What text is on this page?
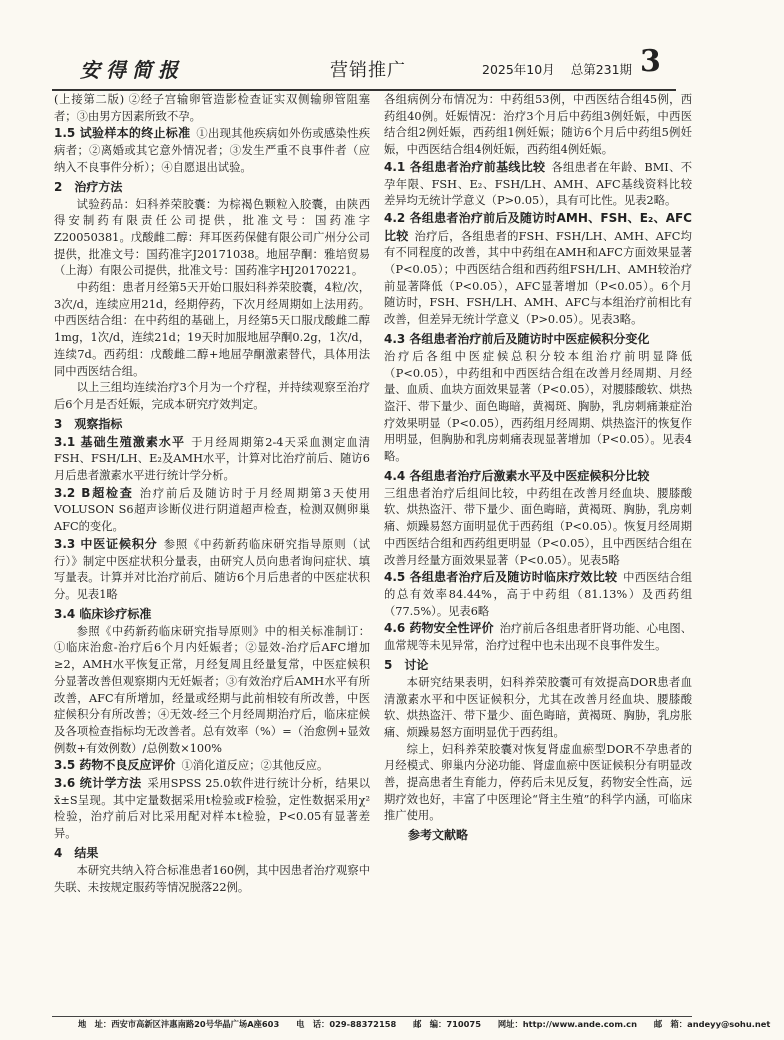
安得简报	营销推广	2025年10月 总第231期 3

(上接第二版) ②经子宫输卵管造影检查证实双侧输卵管阻塞者；③由男方因素所致不孕。

1.5 试验样本的终止标准 ①出现其他疾病如外伤或感染性疾病者；②离婚或其它意外情况者；③发生严重不良事件者（应纳入不良事件分析）；④自愿退出试验。

2　治疗方法

试验药品：妇科养荣胶囊：为棕褐色颗粒入胶囊，由陕西得安制药有限责任公司提供，批准文号：国药准字Z20050381。戊酸雌二醇：拜耳医药保健有限公司广州分公司提供，批准文号：国药准字J20171038。地屈孕酮：雅培贸易（上海）有限公司提供，批准文号：国药准字HJ20170221。

中药组：患者月经第5天开始口服妇科养荣胶囊，4粒/次，3次/d，连续应用21d，经期停药，下次月经周期如上法用药。中西医结合组：在中药组的基础上，月经第5天口服戊酸雌二醇1mg，1次/d，连续21d；19天时加服地屈孕酮0.2g，1次/d，连续7d。西药组：戊酸雌二醇+地屈孕酮激素替代，具体用法同中西医结合组。

以上三组均连续治疗3个月为一个疗程，并持续观察至治疗后6个月是否妊娠，完成本研究疗效判定。

3　观察指标

3.1 基础生殖激素水平 于月经周期第2-4天采血测定血清FSH、FSH/LH、E₂及AMH水平，计算对比治疗前后、随访6月后患者激素水平进行统计学分析。

3.2 B超检查 治疗前后及随访时于月经周期第3天使用VOLUSON S6超声诊断仪进行阴道超声检查，检测双侧卵巢AFC的变化。

3.3 中医证候积分 参照《中药新药临床研究指导原则（试行）》制定中医症状积分量表，由研究人员向患者询问症状、填写量表。计算并对比治疗前后、随访6个月后患者的中医症状积分。见表1略

3.4 临床诊疗标准

参照《中药新药临床研究指导原则》中的相关标准制订：①临床治愈-治疗后6个月内妊娠者；②显效-治疗后AFC增加≥2，AMH水平恢复正常，月经复周且经量复常，中医症候积分显著改善但观察期内无妊娠者；③有效治疗后AMH水平有所改善，AFC有所增加，经量或经期与此前相较有所改善，中医症候积分有所改善；④无效-经三个月经周期治疗后，临床症候及各项检查指标均无改善者。总有效率（%）=（治愈例+显效例数+有效例数）/总例数×100%

3.5 药物不良反应评价 ①消化道反应；②其他反应。

3.6 统计学方法 采用SPSS 25.0软件进行统计分析，结果以x̄±S呈现。其中定量数据采用t检验或F检验，定性数据采用χ²检验，治疗前后对比采用配对样本t检验，P<0.05有显著差异。

4　结果

本研究共纳入符合标准患者160例，其中因患者治疗观察中失联、未按规定服药等情况脱落22例。

各组病例分布情况为：中药组53例，中西医结合组45例，西药组40例。妊娠情况：治疗3个月后中药组3例妊娠，中西医结合组2例妊娠，西药组1例妊娠；随访6个月后中药组5例妊娠，中西医结合组4例妊娠，西药组4例妊娠。

4.1 各组患者治疗前基线比较 各组患者在年龄、BMI、不孕年限、FSH、E₂、FSH/LH、AMH、AFC基线资料比较差异均无统计学意义（P>0.05），具有可比性。见表2略。

4.2 各组患者治疗前后及随访时AMH、FSH、E₂、AFC比较 治疗后，各组患者的FSH、FSH/LH、AMH、AFC均有不同程度的改善，其中中药组在AMH和AFC方面效果显著（P<0.05）；中西医结合组和西药组FSH/LH、AMH较治疗前显著降低（P<0.05），AFC显著增加（P<0.05）。6个月随访时，FSH、FSH/LH、AMH、AFC与本组治疗前相比有改善，但差异无统计学意义（P>0.05）。见表3略。

4.3 各组患者治疗前后及随访时中医症候积分变化

治疗后各组中医症候总积分较本组治疗前明显降低（P<0.05），中药组和中西医结合组在改善月经周期、月经量、血质、血块方面效果显著（P<0.05），对腰膝酸软、烘热盗汗、带下量少、面色晦暗，黄褐斑、胸胁，乳房刺痛兼症治疗效果明显（P<0.05），西药组月经周期、烘热盗汗的恢复作用明显，但胸胁和乳房刺痛表现显著增加（P<0.05）。见表4略。

4.4 各组患者治疗后激素水平及中医症候积分比较

三组患者治疗后组间比较，中药组在改善月经血块、腰膝酸软、烘热盗汗、带下量少、面色晦暗，黄褐斑、胸胁，乳房刺痛、烦躁易怒方面明显优于西药组（P<0.05）。恢复月经周期中西医结合组和西药组更明显（P<0.05），且中西医结合组在改善月经量方面效果显著（P<0.05）。见表5略

4.5 各组患者治疗后及随访时临床疗效比较 中西医结合组的总有效率84.44%，高于中药组（81.13%）及西药组（77.5%）。见表6略

4.6 药物安全性评价 治疗前后各组患者肝肾功能、心电图、血常规等未见异常，治疗过程中也未出现不良事件发生。

5　讨论

本研究结果表明，妇科养荣胶囊可有效提高DOR患者血清激素水平和中医证候积分，尤其在改善月经血块、腰膝酸软、烘热盗汗、带下量少、面色晦暗，黄褐斑、胸胁，乳房胀痛、烦躁易怒方面明显优于西药组。

综上，妇科养荣胶囊对恢复肾虚血瘀型DOR不孕患者的月经模式、卵巢内分泌功能、肾虚血瘀中医证候积分有明显改善，提高患者生育能力，停药后未见反复，药物安全性高，远期疗效也好，丰富了中医理论“肾主生殖”的科学内涵，可临床推广使用。

参考文献略
地　址：西安市高新区沣惠南路20号华晶广场A座603 电　话：029-88372158 邮　编：710075 网址：http://www.ande.com.cn 邮　箱：andeyy@sohu.net
